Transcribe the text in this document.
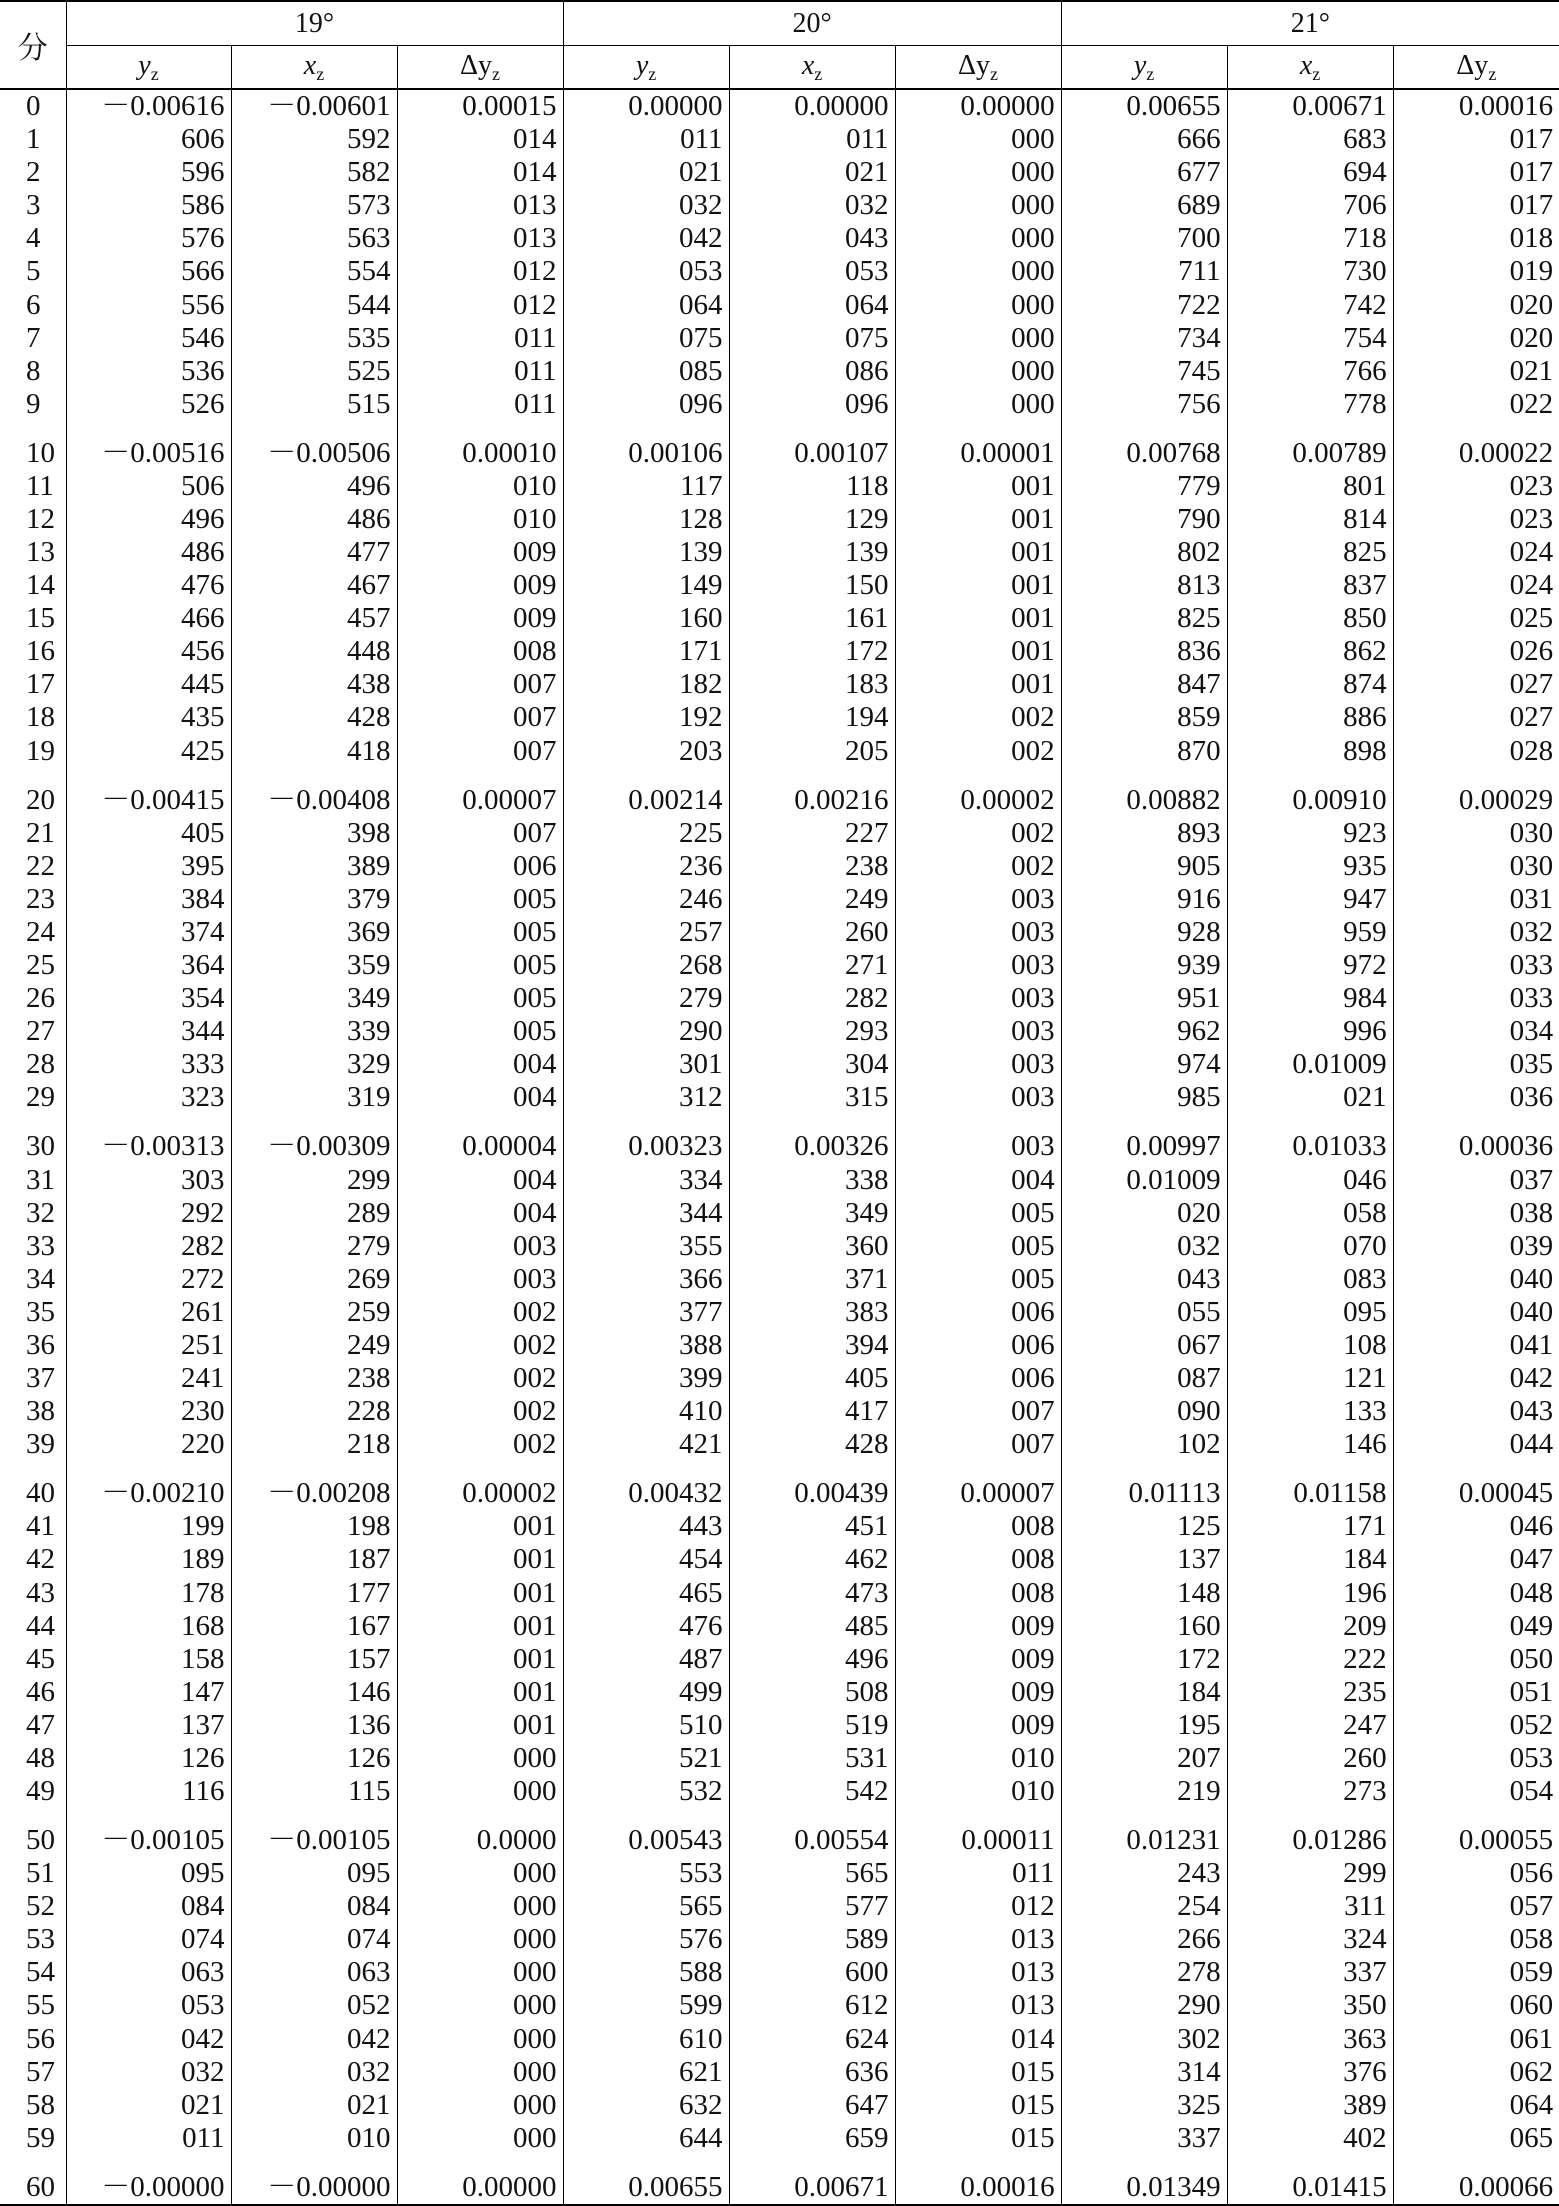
分	19°			20°			21°		
	$y_z$	$x_z$	$\Delta y_z$	$y_z$	$x_z$	$\Delta y_z$	$y_z$	$x_z$	$\Delta y_z$
0	－0.00616	－0.00601	0.00015	0.00000	0.00000	0.00000	0.00655	0.00671	0.00016
1	606	592	014	011	011	000	666	683	017
2	596	582	014	021	021	000	677	694	017
3	586	573	013	032	032	000	689	706	017
4	576	563	013	042	043	000	700	718	018
5	566	554	012	053	053	000	711	730	019
6	556	544	012	064	064	000	722	742	020
7	546	535	011	075	075	000	734	754	020
8	536	525	011	085	086	000	745	766	021
9	526	515	011	096	096	000	756	778	022

10	－0.00516	－0.00506	0.00010	0.00106	0.00107	0.00001	0.00768	0.00789	0.00022
11	506	496	010	117	118	001	779	801	023
12	496	486	010	128	129	001	790	814	023
13	486	477	009	139	139	001	802	825	024
14	476	467	009	149	150	001	813	837	024
15	466	457	009	160	161	001	825	850	025
16	456	448	008	171	172	001	836	862	026
17	445	438	007	182	183	001	847	874	027
18	435	428	007	192	194	002	859	886	027
19	425	418	007	203	205	002	870	898	028

20	－0.00415	－0.00408	0.00007	0.00214	0.00216	0.00002	0.00882	0.00910	0.00029
21	405	398	007	225	227	002	893	923	030
22	395	389	006	236	238	002	905	935	030
23	384	379	005	246	249	003	916	947	031
24	374	369	005	257	260	003	928	959	032
25	364	359	005	268	271	003	939	972	033
26	354	349	005	279	282	003	951	984	033
27	344	339	005	290	293	003	962	996	034
28	333	329	004	301	304	003	974	0.01009	035
29	323	319	004	312	315	003	985	021	036

30	－0.00313	－0.00309	0.00004	0.00323	0.00326	003	0.00997	0.01033	0.00036
31	303	299	004	334	338	004	0.01009	046	037
32	292	289	004	344	349	005	020	058	038
33	282	279	003	355	360	005	032	070	039
34	272	269	003	366	371	005	043	083	040
35	261	259	002	377	383	006	055	095	040
36	251	249	002	388	394	006	067	108	041
37	241	238	002	399	405	006	087	121	042
38	230	228	002	410	417	007	090	133	043
39	220	218	002	421	428	007	102	146	044

40	－0.00210	－0.00208	0.00002	0.00432	0.00439	0.00007	0.01113	0.01158	0.00045
41	199	198	001	443	451	008	125	171	046
42	189	187	001	454	462	008	137	184	047
43	178	177	001	465	473	008	148	196	048
44	168	167	001	476	485	009	160	209	049
45	158	157	001	487	496	009	172	222	050
46	147	146	001	499	508	009	184	235	051
47	137	136	001	510	519	009	195	247	052
48	126	126	000	521	531	010	207	260	053
49	116	115	000	532	542	010	219	273	054

50	－0.00105	－0.00105	0.0000	0.00543	0.00554	0.00011	0.01231	0.01286	0.00055
51	095	095	000	553	565	011	243	299	056
52	084	084	000	565	577	012	254	311	057
53	074	074	000	576	589	013	266	324	058
54	063	063	000	588	600	013	278	337	059
55	053	052	000	599	612	013	290	350	060
56	042	042	000	610	624	014	302	363	061
57	032	032	000	621	636	015	314	376	062
58	021	021	000	632	647	015	325	389	064
59	011	010	000	644	659	015	337	402	065

60	－0.00000	－0.00000	0.00000	0.00655	0.00671	0.00016	0.01349	0.01415	0.00066
